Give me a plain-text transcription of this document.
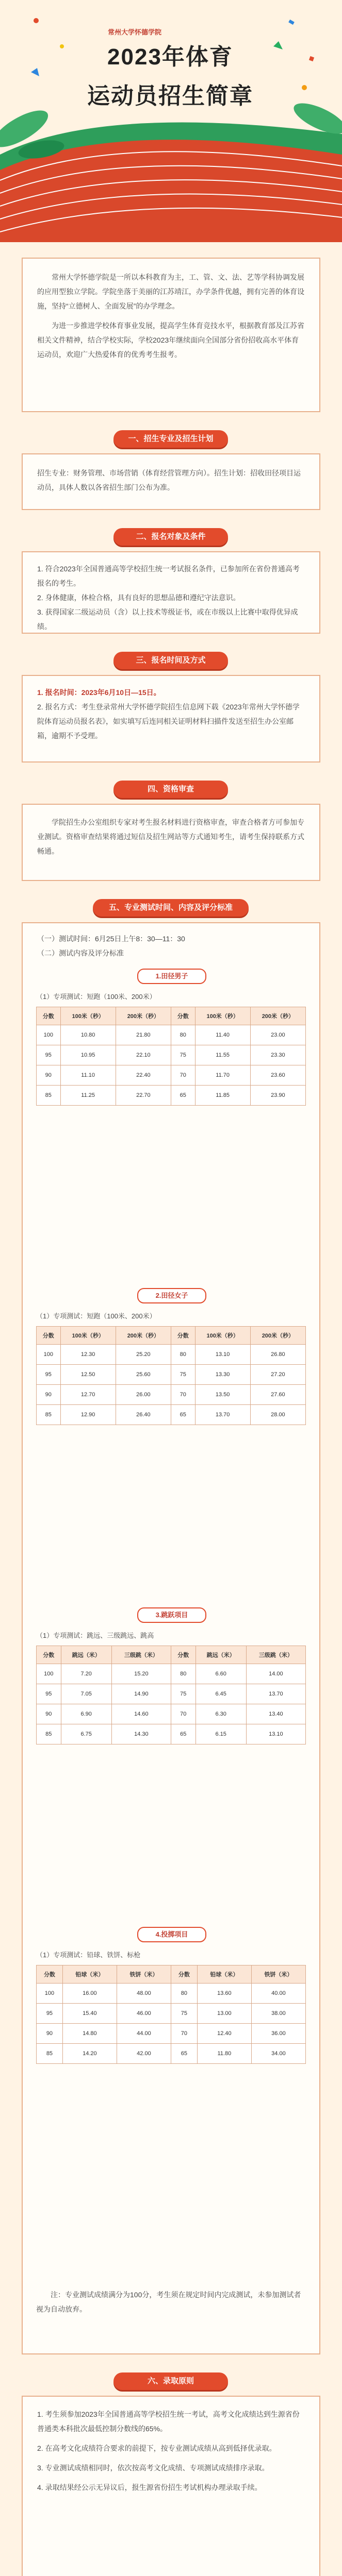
常州大学怀德学院
2023年体育
运动员招生简章

常州大学怀德学院是一所以本科教育为主，工、管、文、法、艺等学科协调发展的应用型独立学院。学院坐落于美丽的江苏靖江，办学条件优越，拥有完善的体育设施，坚持“立德树人、全面发展”的办学理念。

为进一步推进学校体育事业发展，提高学生体育竞技水平，根据教育部及江苏省相关文件精神，结合学校实际，学校2023年继续面向全国部分省份招收高水平体育运动员，欢迎广大热爱体育的优秀考生报考。

一、招生专业及招生计划

招生专业：财务管理、市场营销（体育经营管理方向）。招生计划：招收田径项目运动员，具体人数以各省招生部门公布为准。

二、报名对象及条件

1. 符合2023年全国普通高等学校招生统一考试报名条件，已参加所在省份普通高考报名的考生。

2. 身体健康，体检合格，具有良好的思想品德和遵纪守法意识。

3. 获得国家二级运动员（含）以上技术等级证书，或在市级以上比赛中取得优异成绩。

三、报名时间及方式

1. 报名时间：2023年6月10日—15日。

2. 报名方式：考生登录常州大学怀德学院招生信息网下载《2023年常州大学怀德学院体育运动员报名表》，如实填写后连同相关证明材料扫描件发送至招生办公室邮箱，逾期不予受理。

四、资格审查

学院招生办公室组织专家对考生报名材料进行资格审查，审查合格者方可参加专业测试。资格审查结果将通过短信及招生网站等方式通知考生，请考生保持联系方式畅通。

五、专业测试时间、内容及评分标准

（一）测试时间：6月25日上午8：30—11：30

（二）测试内容及评分标准

1.田径男子
（1）专项测试：短跑（100米、200米）
分数	100米（秒）	200米（秒）	分数	100米（秒）	200米（秒）
100	10.80	21.80	80	11.40	23.00
95	10.95	22.10	75	11.55	23.30
90	11.10	22.40	70	11.70	23.60
85	11.25	22.70	65	11.85	23.90
2.田径女子
（1）专项测试：短跑（100米、200米）
分数	100米（秒）	200米（秒）	分数	100米（秒）	200米（秒）
100	12.30	25.20	80	13.10	26.80
95	12.50	25.60	75	13.30	27.20
90	12.70	26.00	70	13.50	27.60
85	12.90	26.40	65	13.70	28.00
3.跳跃项目
（1）专项测试：跳远、三级跳远、跳高
分数	跳远（米）	三级跳（米）	分数	跳远（米）	三级跳（米）
100	7.20	15.20	80	6.60	14.00
95	7.05	14.90	75	6.45	13.70
90	6.90	14.60	70	6.30	13.40
85	6.75	14.30	65	6.15	13.10
4.投掷项目
（1）专项测试：铅球、铁饼、标枪
分数	铅球（米）	铁饼（米）	分数	铅球（米）	铁饼（米）
100	16.00	48.00	80	13.60	40.00
95	15.40	46.00	75	13.00	38.00
90	14.80	44.00	70	12.40	36.00
85	14.20	42.00	65	11.80	34.00

注：专业测试成绩满分为100分，考生须在规定时间内完成测试，未参加测试者视为自动放弃。

六、录取原则

1. 考生须参加2023年全国普通高等学校招生统一考试，高考文化成绩达到生源省份普通类本科批次最低控制分数线的65%。

2. 在高考文化成绩符合要求的前提下，按专业测试成绩从高到低择优录取。

3. 专业测试成绩相同时，依次按高考文化成绩、专项测试成绩排序录取。

4. 录取结果经公示无异议后，报生源省份招生考试机构办理录取手续。
